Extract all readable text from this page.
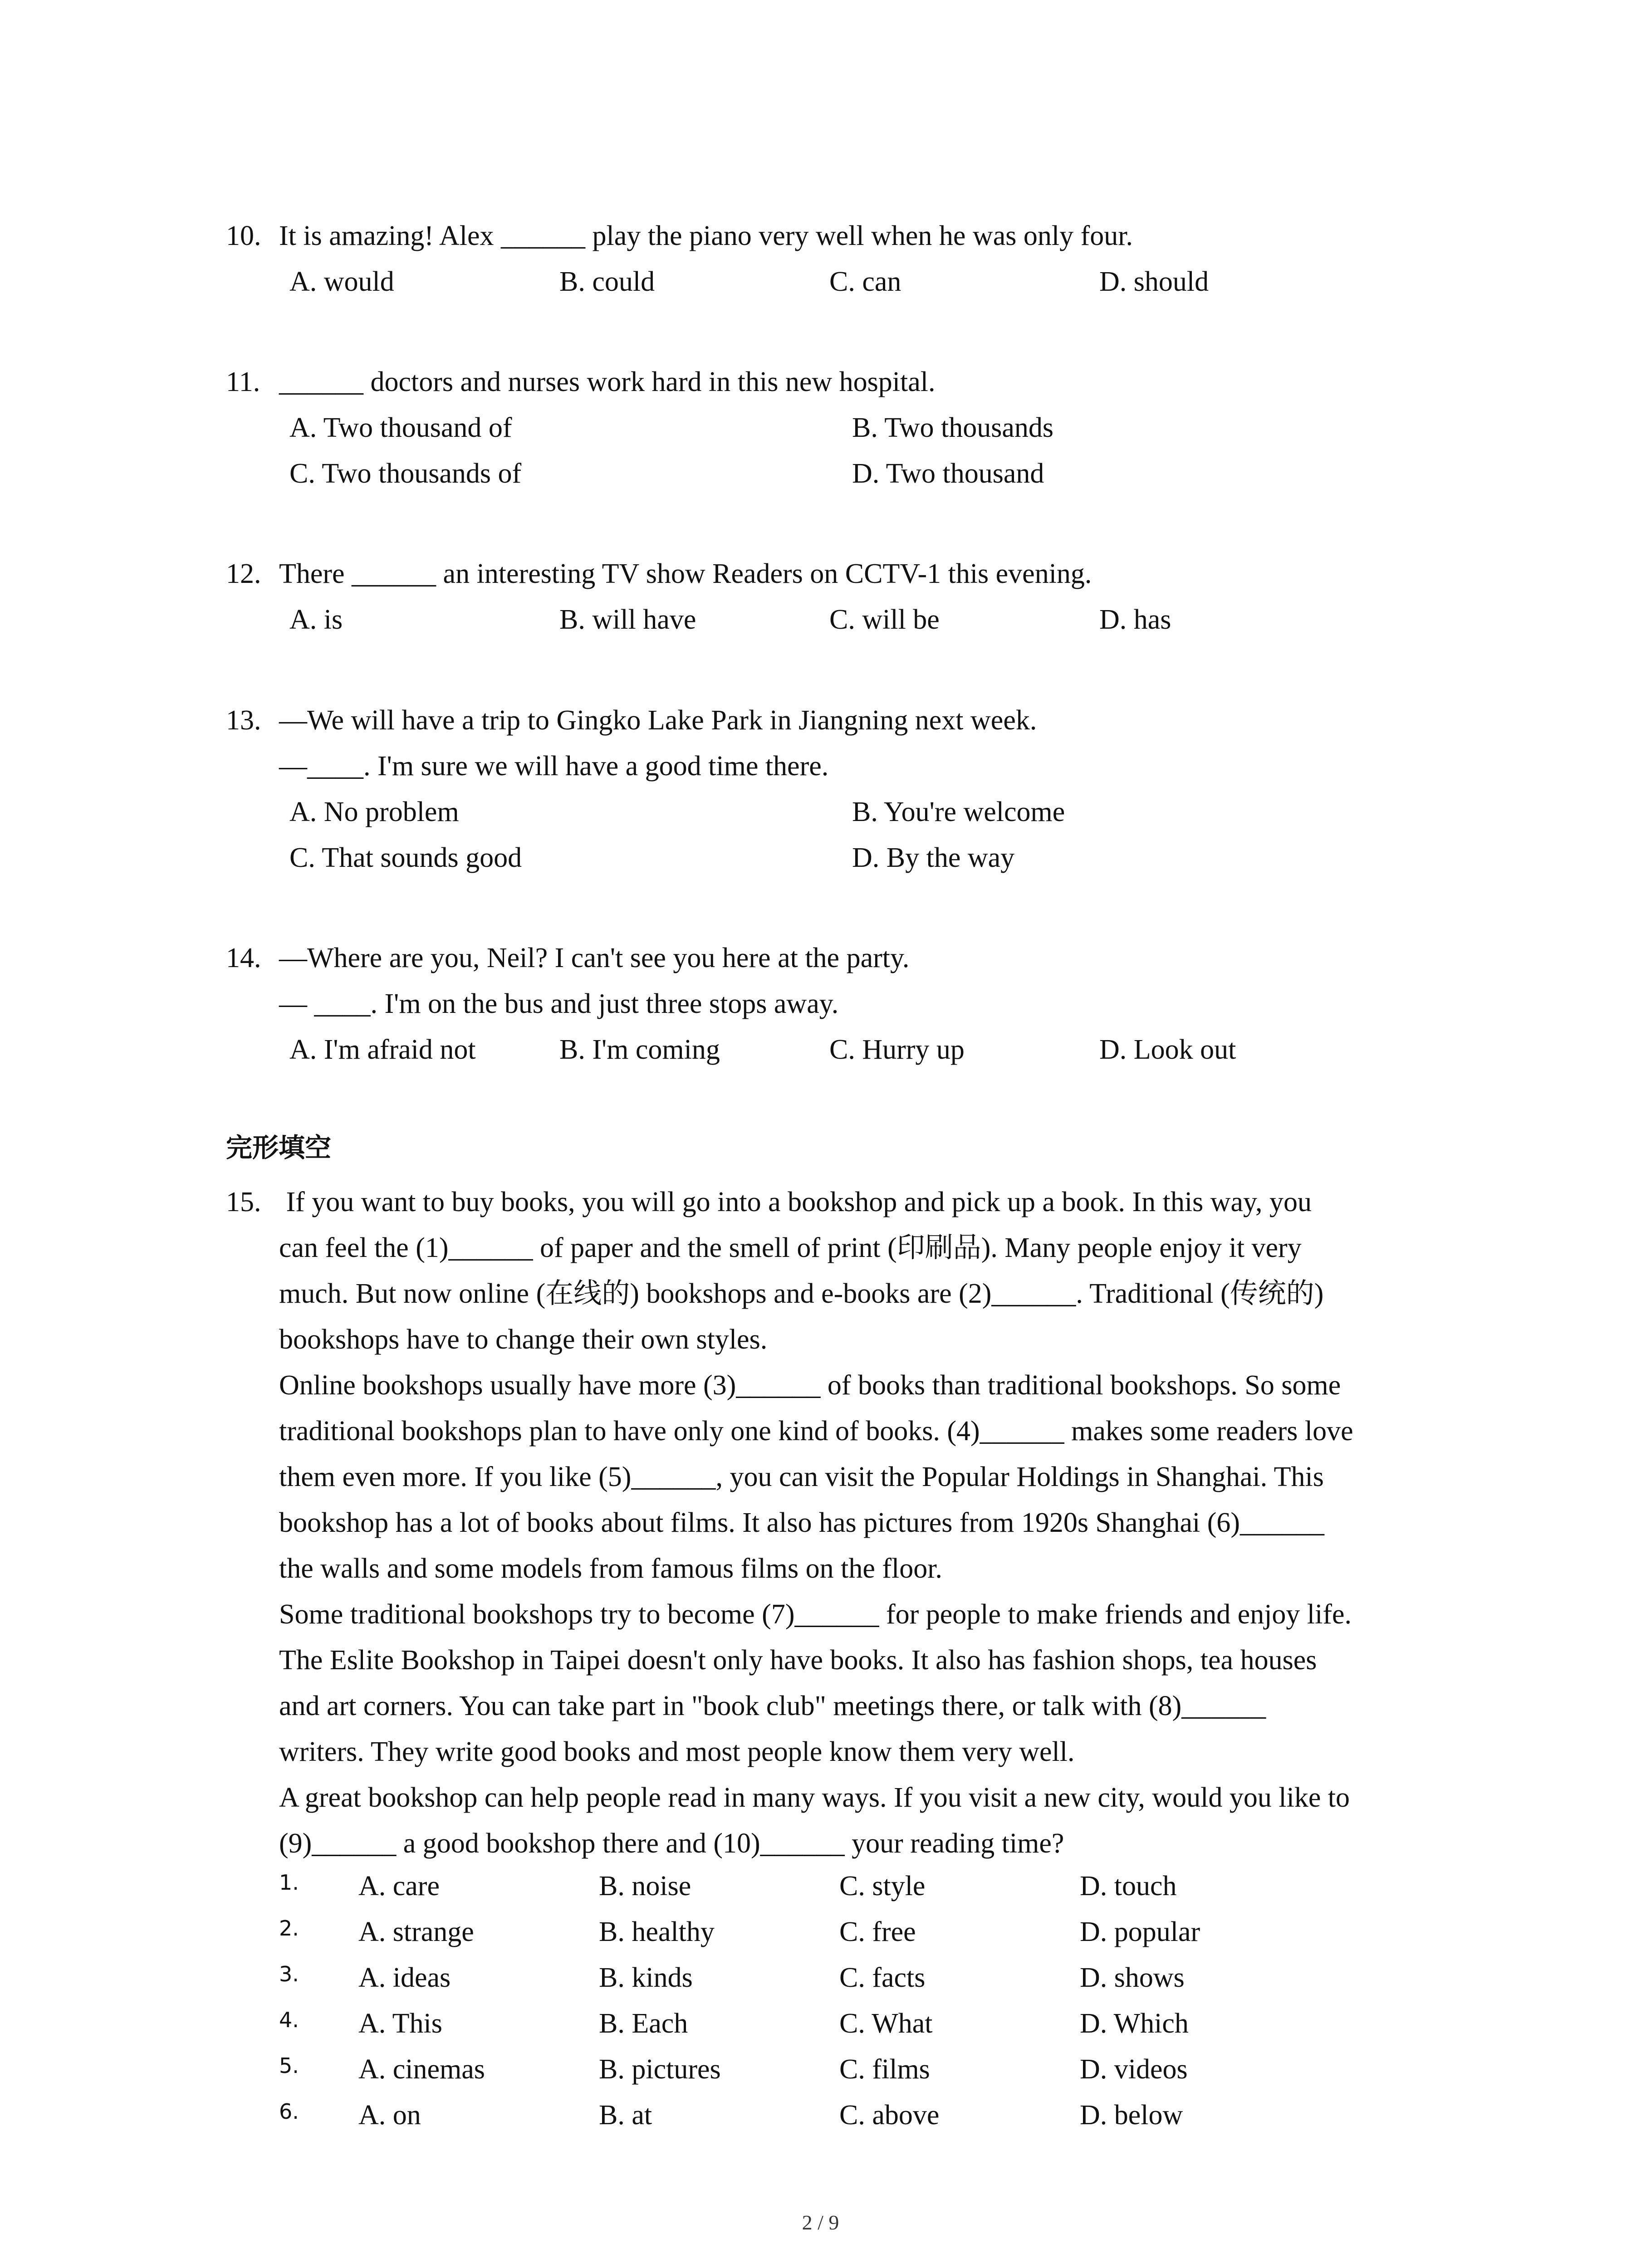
10. It is amazing! Alex ______ play the piano very well when he was only four.
A. would	B. could	C. can	D. should
11. ______ doctors and nurses work hard in this new hospital.
A. Two thousand of	B. Two thousands
C. Two thousands of	D. Two thousand
12. There ______ an interesting TV show Readers on CCTV-1 this evening.
A. is	B. will have	C. will be	D. has
13. —We will have a trip to Gingko Lake Park in Jiangning next week.
—____. I'm sure we will have a good time there.
A. No problem	B. You're welcome
C. That sounds good	D. By the way
14. —Where are you, Neil? I can't see you here at the party.
— ____. I'm on the bus and just three stops away.
A. I'm afraid not	B. I'm coming	C. Hurry up	D. Look out
完形填空
15. If you want to buy books, you will go into a bookshop and pick up a book. In this way, you
can feel the (1)______ of paper and the smell of print (印刷品). Many people enjoy it very
much. But now online (在线的) bookshops and e-books are (2)______. Traditional (传统的)
bookshops have to change their own styles.
Online bookshops usually have more (3)______ of books than traditional bookshops. So some
traditional bookshops plan to have only one kind of books. (4)______ makes some readers love
them even more. If you like (5)______, you can visit the Popular Holdings in Shanghai. This
bookshop has a lot of books about films. It also has pictures from 1920s Shanghai (6)______
the walls and some models from famous films on the floor.
Some traditional bookshops try to become (7)______ for people to make friends and enjoy life.
The Eslite Bookshop in Taipei doesn't only have books. It also has fashion shops, tea houses
and art corners. You can take part in "book club" meetings there, or talk with (8)______
writers. They write good books and most people know them very well.
A great bookshop can help people read in many ways. If you visit a new city, would you like to
(9)______ a good bookshop there and (10)______ your reading time?
1. A. care	B. noise	C. style	D. touch
2. A. strange	B. healthy	C. free	D. popular
3. A. ideas	B. kinds	C. facts	D. shows
4. A. This	B. Each	C. What	D. Which
5. A. cinemas	B. pictures	C. films	D. videos
6. A. on	B. at	C. above	D. below
2 / 9
